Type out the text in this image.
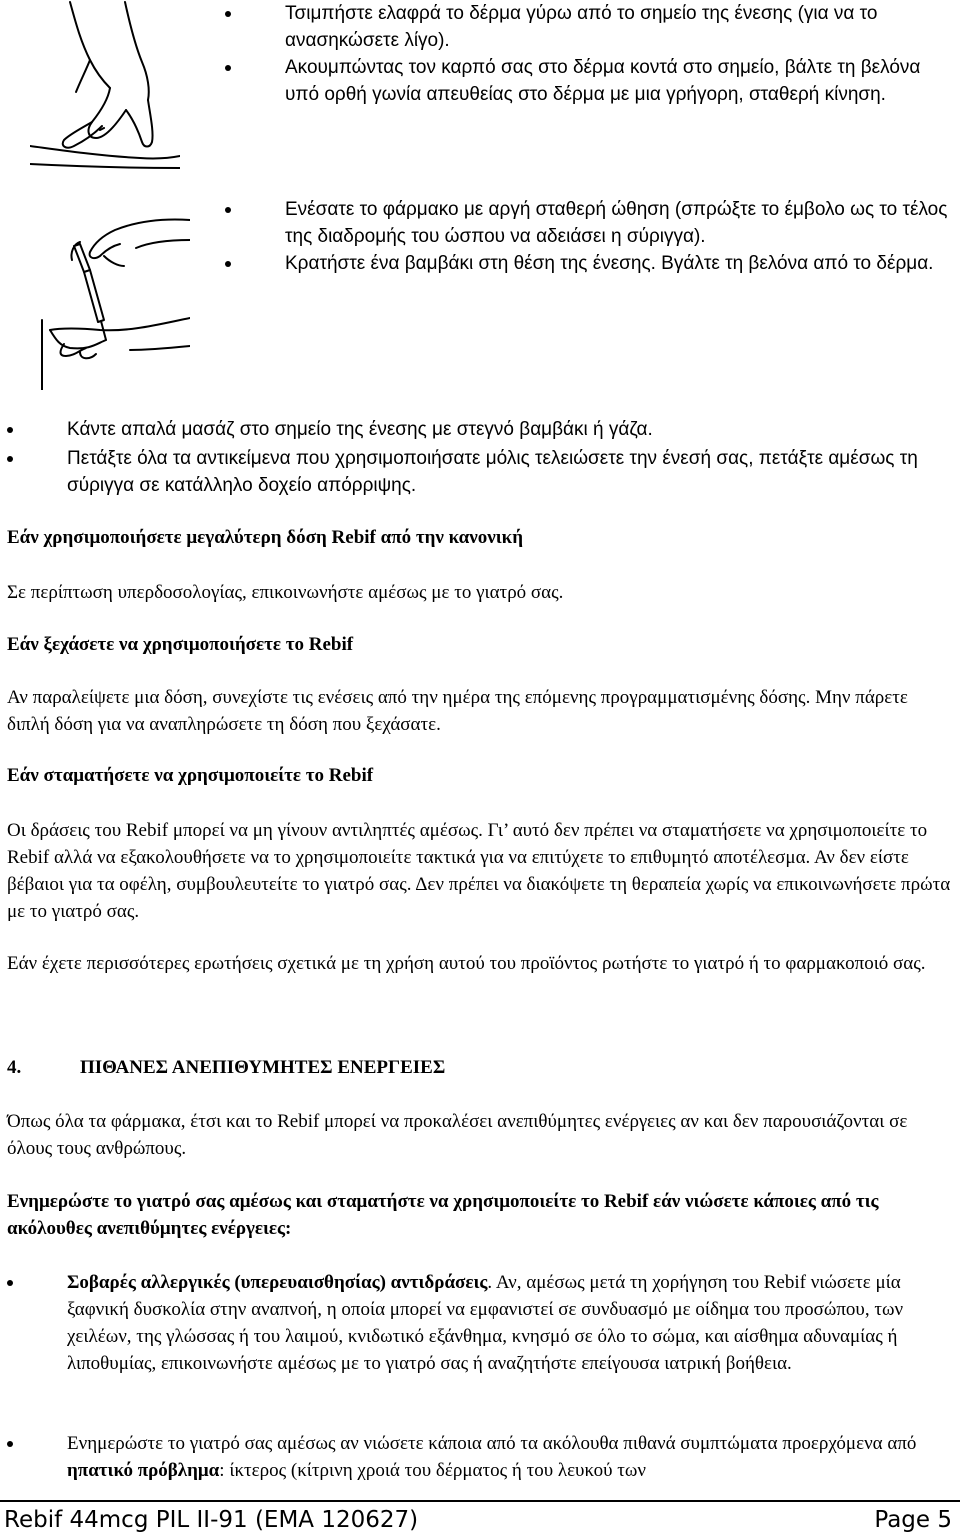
Τσιμπήστε ελαφρά το δέρμα γύρω από το σημείο της ένεσης (για να το ανασηκώσετε λίγο).
Ακουμπώντας τον καρπό σας στο δέρμα κοντά στο σημείο, βάλτε τη βελόνα υπό ορθή γωνία απευθείας στο δέρμα με μια γρήγορη, σταθερή κίνηση.
Ενέσατε το φάρμακο με αργή σταθερή ώθηση (σπρώξτε το έμβολο ως το τέλος της διαδρομής του ώσπου να αδειάσει η σύριγγα).
Κρατήστε ένα βαμβάκι στη θέση της ένεσης. Βγάλτε τη βελόνα από το δέρμα.
Κάντε απαλά μασάζ στο σημείο της ένεσης με στεγνό βαμβάκι ή γάζα.
Πετάξτε όλα τα αντικείμενα που χρησιμοποιήσατε μόλις τελειώσετε την ένεσή σας, πετάξτε αμέσως τη σύριγγα σε κατάλληλο δοχείο απόρριψης.
Εάν χρησιμοποιήσετε μεγαλύτερη δόση Rebif από την κανονική
Σε περίπτωση υπερδοσολογίας, επικοινωνήστε αμέσως με το γιατρό σας.
Εάν ξεχάσετε να χρησιμοποιήσετε το Rebif
Αν παραλείψετε μια δόση, συνεχίστε τις ενέσεις από την ημέρα της επόμενης προγραμματισμένης δόσης. Μην πάρετε διπλή δόση για να αναπληρώσετε τη δόση που ξεχάσατε.
Εάν σταματήσετε να χρησιμοποιείτε το Rebif
Οι δράσεις του Rebif μπορεί να μη γίνουν αντιληπτές αμέσως. Γι’ αυτό δεν πρέπει να σταματήσετε να χρησιμοποιείτε το Rebif αλλά να εξακολουθήσετε να το χρησιμοποιείτε τακτικά για να επιτύχετε το επιθυμητό αποτέλεσμα. Αν δεν είστε βέβαιοι για τα οφέλη, συμβουλευτείτε το γιατρό σας. Δεν πρέπει να διακόψετε τη θεραπεία χωρίς να επικοινωνήσετε πρώτα με το γιατρό σας.
Εάν έχετε περισσότερες ερωτήσεις σχετικά με τη χρήση αυτού του προϊόντος ρωτήστε το γιατρό ή το φαρμακοποιό σας.
4.	ΠΙΘΑΝΕΣ ΑΝΕΠΙΘΥΜΗΤΕΣ ΕΝΕΡΓΕΙΕΣ
Όπως όλα τα φάρμακα, έτσι και το Rebif μπορεί να προκαλέσει ανεπιθύμητες ενέργειες αν και δεν παρουσιάζονται σε όλους τους ανθρώπους.
Ενημερώστε το γιατρό σας αμέσως και σταματήστε να χρησιμοποιείτε το Rebif εάν νιώσετε κάποιες από τις ακόλουθες ανεπιθύμητες ενέργειες:
Σοβαρές αλλεργικές (υπερευαισθησίας) αντιδράσεις. Αν, αμέσως μετά τη χορήγηση του Rebif νιώσετε μία ξαφνική δυσκολία στην αναπνοή, η οποία μπορεί να εμφανιστεί σε συνδυασμό με οίδημα του προσώπου, των χειλέων, της γλώσσας ή του λαιμού, κνιδωτικό εξάνθημα, κνησμό σε όλο το σώμα, και αίσθημα αδυναμίας ή λιποθυμίας, επικοινωνήστε αμέσως με το γιατρό σας ή αναζητήστε επείγουσα ιατρική βοήθεια.
Ενημερώστε το γιατρό σας αμέσως αν νιώσετε κάποια από τα ακόλουθα πιθανά συμπτώματα προερχόμενα από ηπατικό πρόβλημα: ίκτερος (κίτρινη χροιά του δέρματος ή του λευκού των
Rebif 44mcg PIL II-91 (EMA 120627)	Page 5
